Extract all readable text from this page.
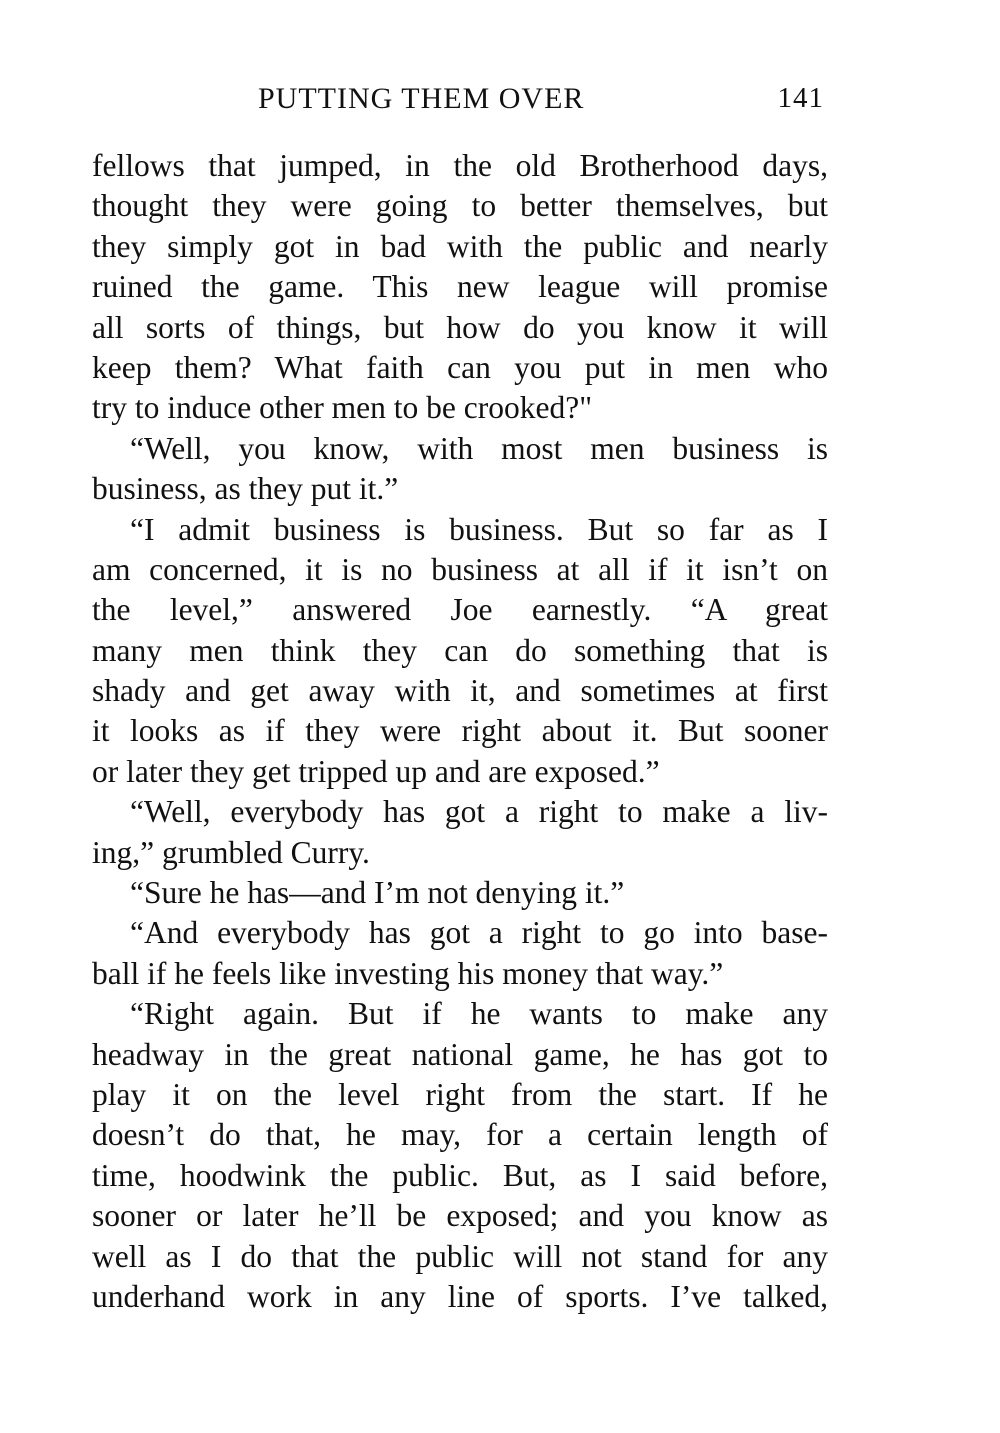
PUTTING THEM OVER	141
fellows that jumped, in the old Brotherhood days,
thought they were going to better themselves, but
they simply got in bad with the public and nearly
ruined the game. This new league will promise
all sorts of things, but how do you know it will
keep them? What faith can you put in men who
try to induce other men to be crooked?"
“Well, you know, with most men business is
business, as they put it.”
“I admit business is business. But so far as I
am concerned, it is no business at all if it isn’t on
the level,” answered Joe earnestly. “A great
many men think they can do something that is
shady and get away with it, and sometimes at first
it looks as if they were right about it. But sooner
or later they get tripped up and are exposed.”
“Well, everybody has got a right to make a liv-
ing,” grumbled Curry.
“Sure he has—and I’m not denying it.”
“And everybody has got a right to go into base-
ball if he feels like investing his money that way.”
“Right again. But if he wants to make any
headway in the great national game, he has got to
play it on the level right from the start. If he
doesn’t do that, he may, for a certain length of
time, hoodwink the public. But, as I said before,
sooner or later he’ll be exposed; and you know as
well as I do that the public will not stand for any
underhand work in any line of sports. I’ve talked,
